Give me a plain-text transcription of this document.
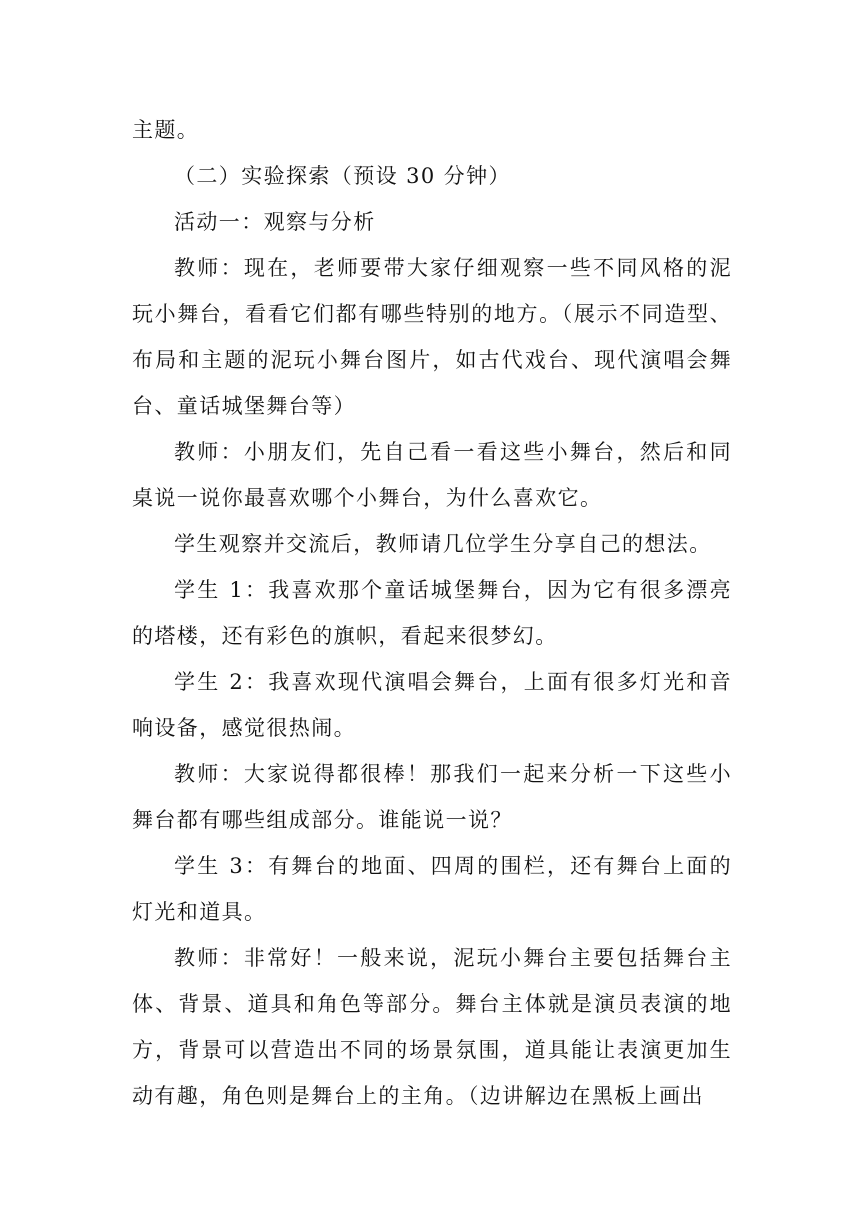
主题。

（二）实验探索（预设 30 分钟）

活动一：观察与分析

教师：现在，老师要带大家仔细观察一些不同风格的泥玩小舞台，看看它们都有哪些特别的地方。（展示不同造型、布局和主题的泥玩小舞台图片，如古代戏台、现代演唱会舞台、童话城堡舞台等）

教师：小朋友们，先自己看一看这些小舞台，然后和同桌说一说你最喜欢哪个小舞台，为什么喜欢它。

学生观察并交流后，教师请几位学生分享自己的想法。

学生 1：我喜欢那个童话城堡舞台，因为它有很多漂亮的塔楼，还有彩色的旗帜，看起来很梦幻。

学生 2：我喜欢现代演唱会舞台，上面有很多灯光和音响设备，感觉很热闹。

教师：大家说得都很棒！那我们一起来分析一下这些小舞台都有哪些组成部分。谁能说一说？

学生 3：有舞台的地面、四周的围栏，还有舞台上面的灯光和道具。

教师：非常好！一般来说，泥玩小舞台主要包括舞台主体、背景、道具和角色等部分。舞台主体就是演员表演的地方，背景可以营造出不同的场景氛围，道具能让表演更加生动有趣，角色则是舞台上的主角。（边讲解边在黑板上画出
